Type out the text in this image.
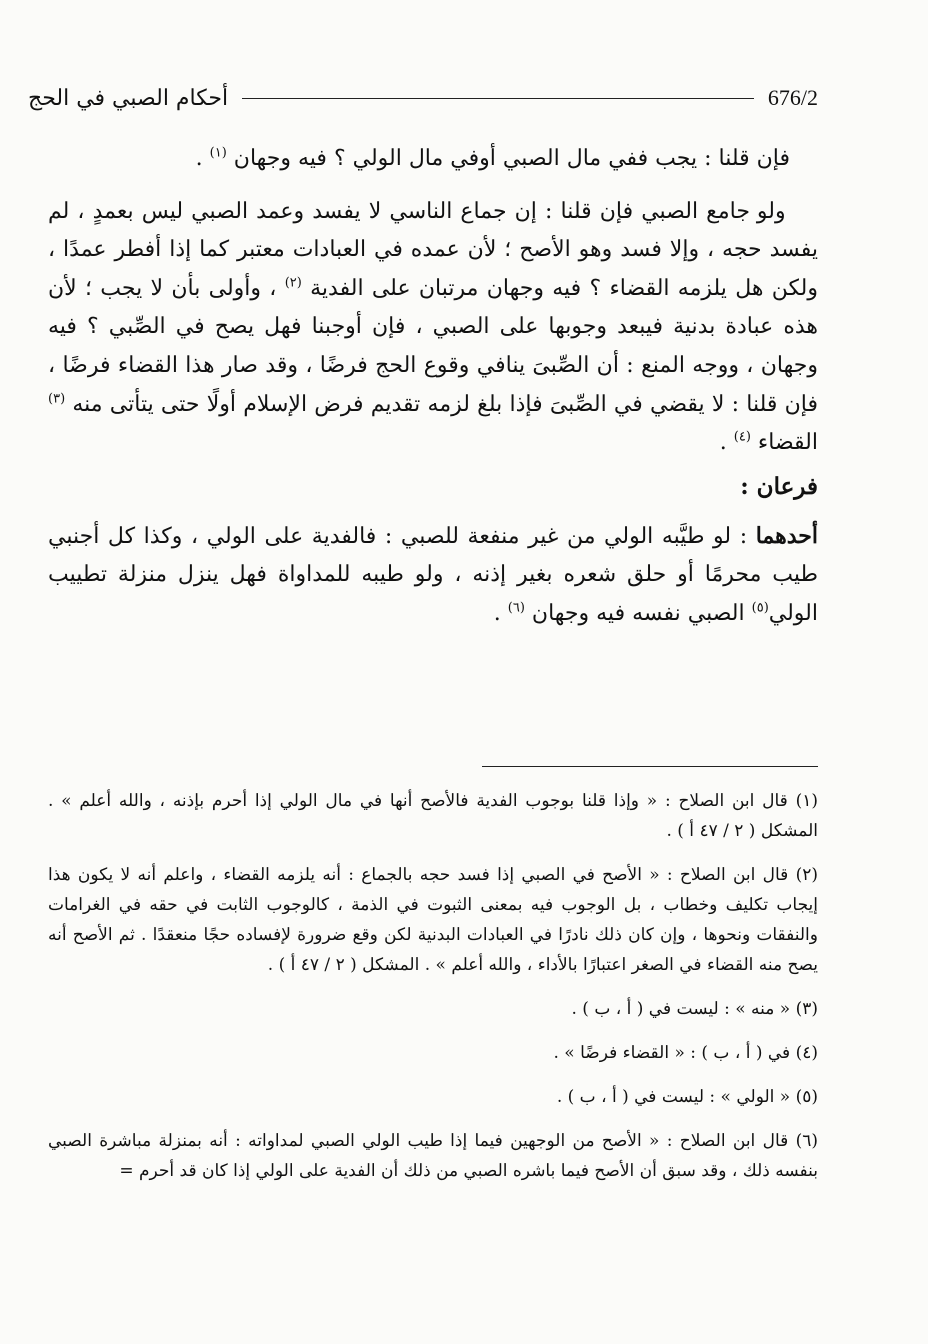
أحكام الصبي في الحج	676/2

فإن قلنا : يجب ففي مال الصبي أوفي مال الولي ؟ فيه وجهان $^{(١)}$ .

ولو جامع الصبي فإن قلنا : إن جماع الناسي لا يفسد وعمد الصبي ليس بعمدٍ ، لم يفسد حجه ، وإلا فسد وهو الأصح ؛ لأن عمده في العبادات معتبر كما إذا أفطر عمدًا ، ولكن هل يلزمه القضاء ؟ فيه وجهان مرتبان على الفدية $^{(٢)}$ ، وأولى بأن لا يجب ؛ لأن هذه عبادة بدنية فيبعد وجوبها على الصبي ، فإن أوجبنا فهل يصح في الصِّبي ؟ فيه وجهان ، ووجه المنع : أن الصِّبىَ ينافي وقوع الحج فرضًا ، وقد صار هذا القضاء فرضًا ، فإن قلنا : لا يقضي في الصِّبىَ فإذا بلغ لزمه تقديم فرض الإسلام أولًا حتى يتأتى منه $^{(٣)}$ القضاء $^{(٤)}$ .

فرعان :

أحدهما : لو طيَّبه الولي من غير منفعة للصبي : فالفدية على الولي ، وكذا كل أجنبي طيب محرمًا أو حلق شعره بغير إذنه ، ولو طيبه للمداواة فهل ينزل منزلة تطييب الولي$^{(٥)}$ الصبي نفسه فيه وجهان $^{(٦)}$ .

(١) قال ابن الصلاح : « وإذا قلنا بوجوب الفدية فالأصح أنها في مال الولي إذا أحرم بإذنه ، والله أعلم » . المشكل ( ٢ / ٤٧ أ ) .

(٢) قال ابن الصلاح : « الأصح في الصبي إذا فسد حجه بالجماع : أنه يلزمه القضاء ، واعلم أنه لا يكون هذا إيجاب تكليف وخطاب ، بل الوجوب فيه بمعنى الثبوت في الذمة ، كالوجوب الثابت في حقه في الغرامات والنفقات ونحوها ، وإن كان ذلك نادرًا في العبادات البدنية لكن وقع ضرورة لإفساده حجًا منعقدًا . ثم الأصح أنه يصح منه القضاء في الصغر اعتبارًا بالأداء ، والله أعلم » . المشكل ( ٢ / ٤٧ أ ) .

(٣) « منه » : ليست في ( أ ، ب ) .

(٤) في ( أ ، ب ) : « القضاء فرضًا » .

(٥) « الولي » : ليست في ( أ ، ب ) .

(٦) قال ابن الصلاح : « الأصح من الوجهين فيما إذا طيب الولي الصبي لمداواته : أنه بمنزلة مباشرة الصبي بنفسه ذلك ، وقد سبق أن الأصح فيما باشره الصبي من ذلك أن الفدية على الولي إذا كان قد أحرم =
